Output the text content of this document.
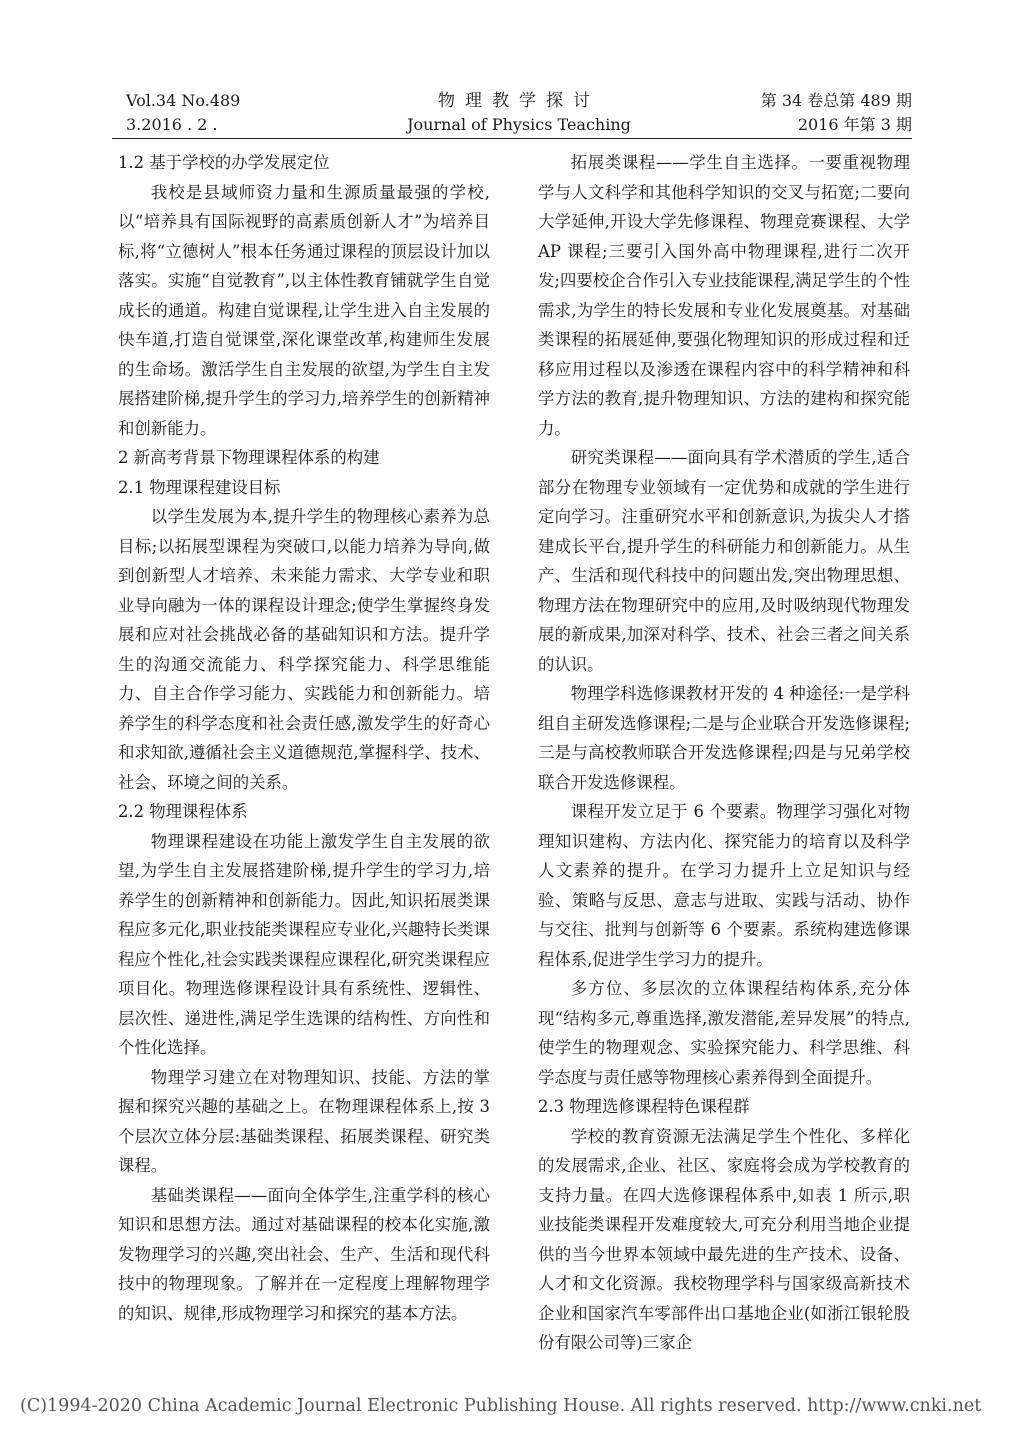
Vol.34 No.489	物理教学探讨	第 34 卷总第 489 期
3.2016 . 2 .	Journal of Physics Teaching	2016 年第 3 期
1.2 基于学校的办学发展定位

我校是县域师资力量和生源质量最强的学校,以“培养具有国际视野的高素质创新人才”为培养目标,将“立德树人”根本任务通过课程的顶层设计加以落实。实施“自觉教育”,以主体性教育铺就学生自觉成长的通道。构建自觉课程,让学生进入自主发展的快车道,打造自觉课堂,深化课堂改革,构建师生发展的生命场。激活学生自主发展的欲望,为学生自主发展搭建阶梯,提升学生的学习力,培养学生的创新精神和创新能力。

2 新高考背景下物理课程体系的构建
2.1 物理课程建设目标

以学生发展为本,提升学生的物理核心素养为总目标;以拓展型课程为突破口,以能力培养为导向,做到创新型人才培养、未来能力需求、大学专业和职业导向融为一体的课程设计理念;使学生掌握终身发展和应对社会挑战必备的基础知识和方法。提升学生的沟通交流能力、科学探究能力、科学思维能力、自主合作学习能力、实践能力和创新能力。培养学生的科学态度和社会责任感,激发学生的好奇心和求知欲,遵循社会主义道德规范,掌握科学、技术、社会、环境之间的关系。

2.2 物理课程体系

物理课程建设在功能上激发学生自主发展的欲望,为学生自主发展搭建阶梯,提升学生的学习力,培养学生的创新精神和创新能力。因此,知识拓展类课程应多元化,职业技能类课程应专业化,兴趣特长类课程应个性化,社会实践类课程应课程化,研究类课程应项目化。物理选修课程设计具有系统性、逻辑性、层次性、递进性,满足学生选课的结构性、方向性和个性化选择。

物理学习建立在对物理知识、技能、方法的掌握和探究兴趣的基础之上。在物理课程体系上,按 3 个层次立体分层:基础类课程、拓展类课程、研究类课程。

基础类课程——面向全体学生,注重学科的核心知识和思想方法。通过对基础课程的校本化实施,激发物理学习的兴趣,突出社会、生产、生活和现代科技中的物理现象。了解并在一定程度上理解物理学的知识、规律,形成物理学习和探究的基本方法。

拓展类课程——学生自主选择。一要重视物理学与人文科学和其他科学知识的交叉与拓宽;二要向大学延伸,开设大学先修课程、物理竞赛课程、大学 AP 课程;三要引入国外高中物理课程,进行二次开发;四要校企合作引入专业技能课程,满足学生的个性需求,为学生的特长发展和专业化发展奠基。对基础类课程的拓展延伸,要强化物理知识的形成过程和迁移应用过程以及渗透在课程内容中的科学精神和科学方法的教育,提升物理知识、方法的建构和探究能力。

研究类课程——面向具有学术潜质的学生,适合部分在物理专业领域有一定优势和成就的学生进行定向学习。注重研究水平和创新意识,为拔尖人才搭建成长平台,提升学生的科研能力和创新能力。从生产、生活和现代科技中的问题出发,突出物理思想、物理方法在物理研究中的应用,及时吸纳现代物理发展的新成果,加深对科学、技术、社会三者之间关系的认识。

物理学科选修课教材开发的 4 种途径:一是学科组自主研发选修课程;二是与企业联合开发选修课程;三是与高校教师联合开发选修课程;四是与兄弟学校联合开发选修课程。

课程开发立足于 6 个要素。物理学习强化对物理知识建构、方法内化、探究能力的培育以及科学人文素养的提升。在学习力提升上立足知识与经验、策略与反思、意志与进取、实践与活动、协作与交往、批判与创新等 6 个要素。系统构建选修课程体系,促进学生学习力的提升。

多方位、多层次的立体课程结构体系,充分体现“结构多元,尊重选择,激发潜能,差异发展”的特点,使学生的物理观念、实验探究能力、科学思维、科学态度与责任感等物理核心素养得到全面提升。

2.3 物理选修课程特色课程群

学校的教育资源无法满足学生个性化、多样化的发展需求,企业、社区、家庭将会成为学校教育的支持力量。在四大选修课程体系中,如表 1 所示,职业技能类课程开发难度较大,可充分利用当地企业提供的当今世界本领域中最先进的生产技术、设备、人才和文化资源。我校物理学科与国家级高新技术企业和国家汽车零部件出口基地企业(如浙江银轮股份有限公司等)三家企

(C)1994-2020 China Academic Journal Electronic Publishing House. All rights reserved. http://www.cnki.net
